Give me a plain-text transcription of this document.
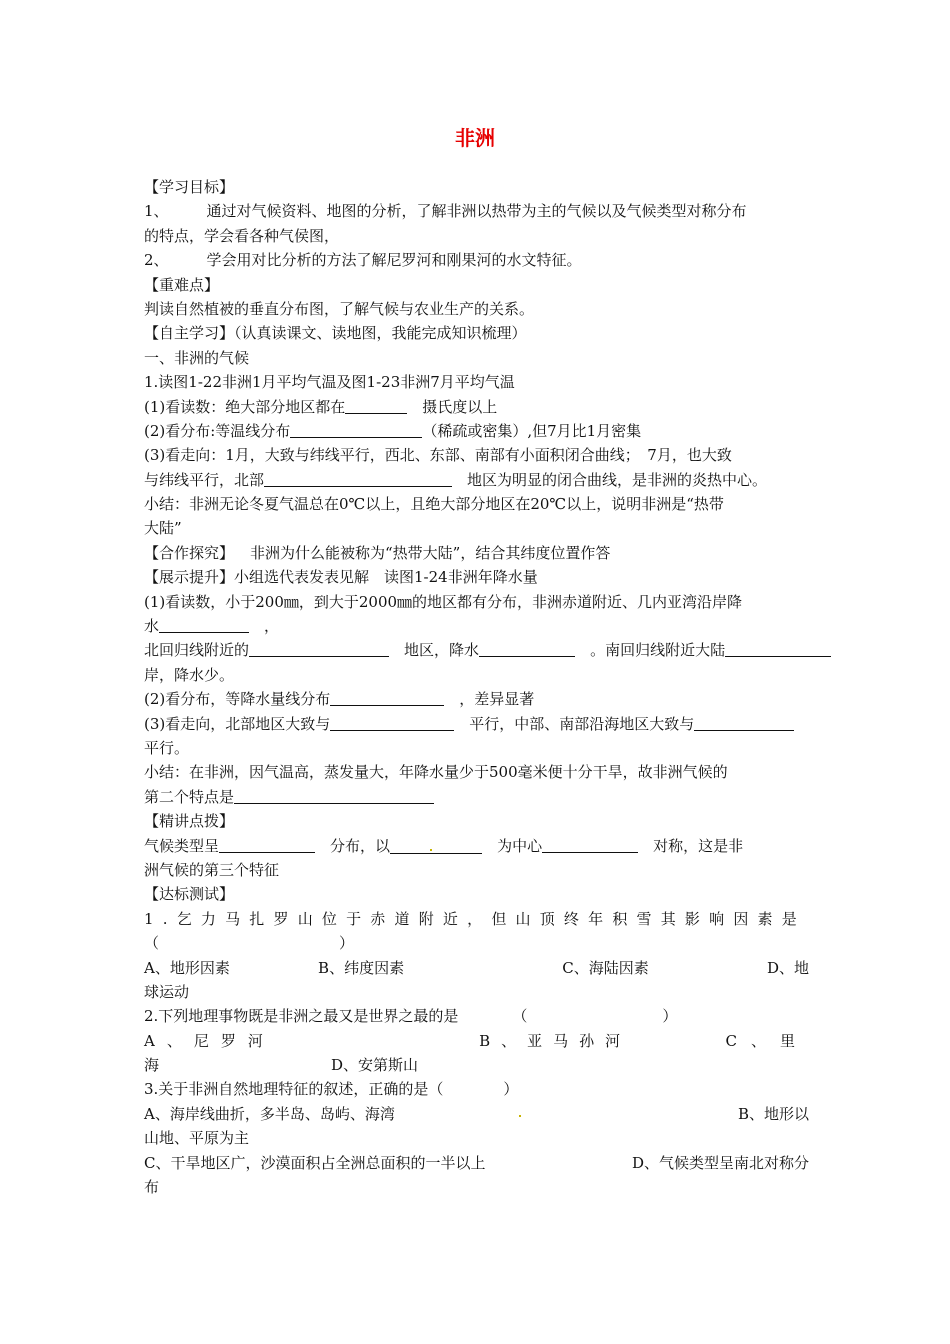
非洲
【学习目标】
1、	通过对气候资料、地图的分析，了解非洲以热带为主的气候以及气候类型对称分布
的特点，学会看各种气侯图，
2、	学会用对比分析的方法了解尼罗河和刚果河的水文特征。
【重难点】
判读自然植被的垂直分布图，了解气候与农业生产的关系。
【自主学习】（认真读课文、读地图，我能完成知识梳理）
一、非洲的气候
1.读图1-22非洲1月平均气温及图1-23非洲7月平均气温
(1)看读数：绝大部分地区都在　	摄氏度以上
(2)看分布:等温线分布	（稀疏或密集）,但7月比1月密集
(3)看走向：1月，大致与纬线平行，西北、东部、南部有小面积闭合曲线；　7月，也大致
与纬线平行，北部　	地区为明显的闭合曲线，是非洲的炎热中心。
小结：非洲无论冬夏气温总在0℃以上，且绝大部分地区在20℃以上，说明非洲是“热带
大陆”
【合作探究】 非洲为什么能被称为“热带大陆”，结合其纬度位置作答
【展示提升】小组选代表发表见解　读图1-24非洲年降水量
(1)看读数，小于200㎜，到大于2000㎜的地区都有分布，非洲赤道附近、几内亚湾沿岸降
水　	，
北回归线附近的　	地区，降水　	。南回归线附近大陆
岸，降水少。
(2)看分布，等降水量线分布　	，差异显著
(3)看走向，北部地区大致与　	平行，中部、南部沿海地区大致与
平行。
小结：在非洲，因气温高，蒸发量大，年降水量少于500毫米便十分干旱，故非洲气候的
第二个特点是
【精讲点拨】
气候类型呈　	分布，以　	为中心　	对称，这是非
洲气候的第三个特征
【达标测试】
1.乞力马扎罗山位于赤道附近，但山顶终年积雪其影响因素是
（　　　　　　　　　　　　）
A、地形因素	B、纬度因素	C、海陆因素	D、地
球运动
2.下列地理事物既是非洲之最又是世界之最的是	（　　　　　　　　　）
A、尼罗河	B、亚马孙河	C、里
海	D、安第斯山
3.关于非洲自然地理特征的叙述，正确的是（　　　　）
A、海岸线曲折，多半岛、岛屿、海湾	B、地形以
山地、平原为主
C、干旱地区广，沙漠面积占全洲总面积的一半以上	D、气候类型呈南北对称分
布
